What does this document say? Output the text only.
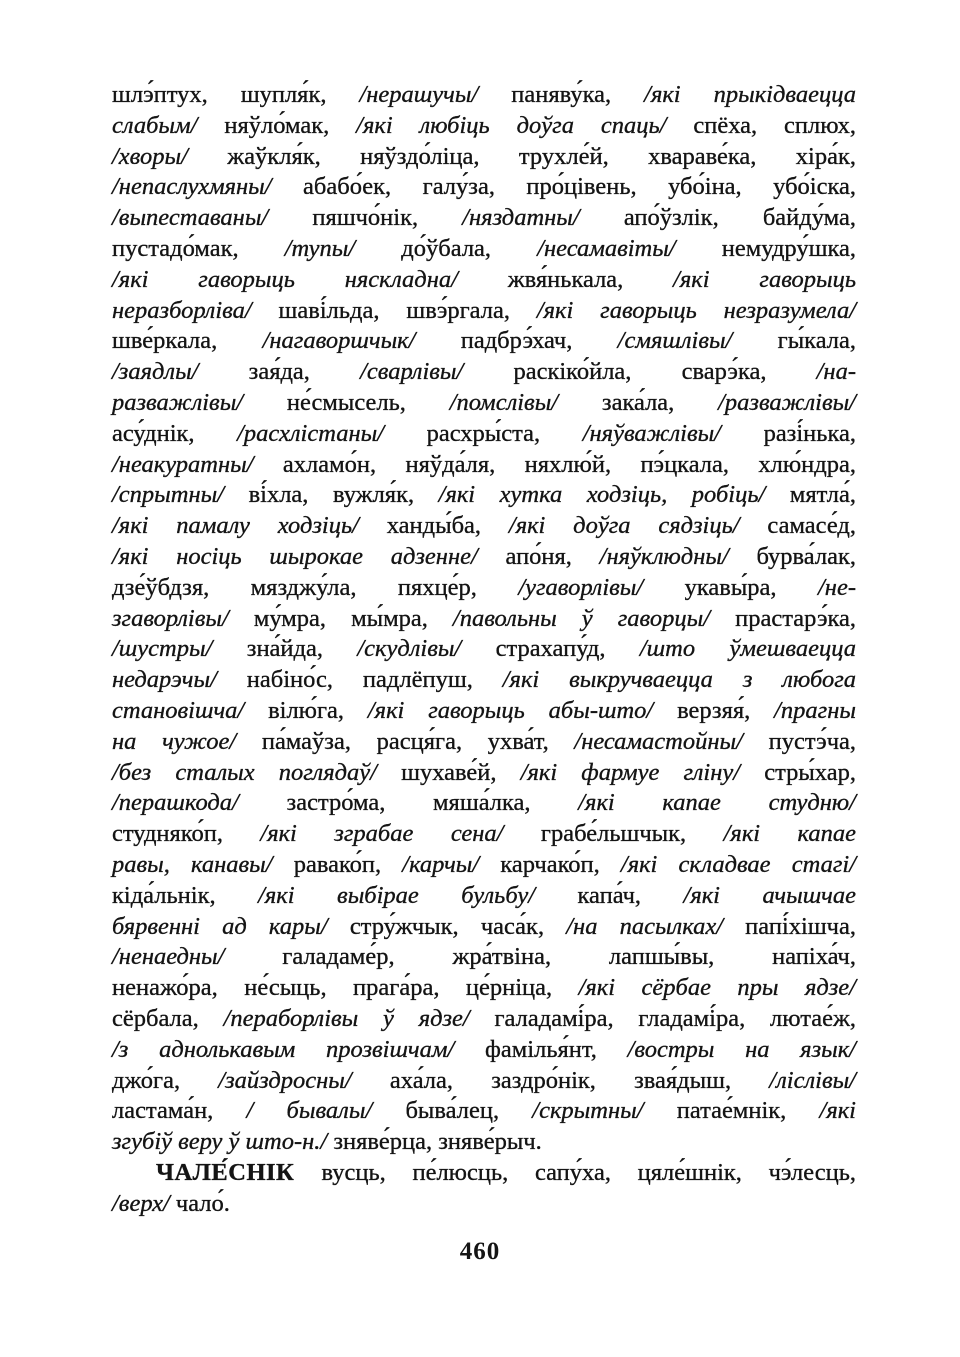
шлэ́птух, шупля́к, /нерашучы/ паняву́ка, /які прыкідваецца
слабым/ няўло́мак, /які любіць доўга спаць/ спёха, сплюх,
/хворы/ жаўкля́к, няўздо́ліца, трухле́й, хвараве́ка, хіра́к,
/непаслухмяны/ абабо́ек, галу́за, про́цівень, убо́іна, убо́іска,
/выпеставаны/ пяшчо́нік, /няздатны/ апо́ўзлік, байду́ма,
пустадо́мак, /тупы/ до́ўбала, /несамавіты/ немудру́шка,
/які гаворыць няскладна/ жвя́нькала, /які гаворыць
неразборліва/ шаві́льда, швэ́ргала, /які гаворыць незразумела/
шве́ркала, /нагаворшчык/ падбрэ́хач, /смяшлівы/ гы́кала,
/заядлы/ зая́да, /сварлівы/ раскіко́йла, сварэ́ка, /на-
разважлівы/ не́смысель, /помслівы/ зака́ла, /разважлівы/
асу́днік, /расхлістаны/ расхры́ста, /няўважлівы/ разі́нька,
/неакуратны/ ахламо́н, няўда́ля, няхлю́й, пэ́цкала, хлю́ндра,
/спрытны/ ві́хла, вужля́к, /які хутка ходзіць, робіць/ мятла́,
/які памалу ходзіць/ ханды́ба, /які доўга сядзіць/ самасе́д,
/які носіць шырокае адзенне/ апо́ня, /няўклюдны/ бурва́лак,
дзе́ўбдзя, мязджу́ла, пяхце́р, /угаворлівы/ укавы́ра, /не-
згаворлівы/ му́мра, мы́мра, /павольны ў гаворцы/ прастарэ́ка,
/шустры/ зна́йда, /скудлівы/ страхапу́д, /што ўмешваецца
недарэчы/ набіно́с, падлёпуш, /які выкручваецца з любога
становішча/ вілю́га, /які гаворыць абы-што/ верзяя́, /прагны
на чужое/ па́маўза, расця́га, ухва́т, /несамастойны/ пустэ́ча,
/без сталых поглядаў/ шухаве́й, /які фармуе гліну/ стры́хар,
/перашкода/ застро́ма, мяша́лка, /які капае студню/
студняко́п, /які зграбае сена/ грабе́льшчык, /які капае
равы, канавы/ равако́п, /карчы/ карчако́п, /які складвае стагі/
кіда́льнік, /які выбірае бульбу/ капа́ч, /які ачышчае
бярвенні ад кары/ стру́жчык, часа́к, /на пасылках/ папі́хішча,
/ненаедны/ галадаме́р, жра́твіна, лапшы́вы, напіха́ч,
ненажо́ра, не́сыць, прага́ра, це́рніца, /які сёрбае пры ядзе/
сёрбала, /пераборлівы ў ядзе/ галадамі́ра, гладамі́ра, лютае́ж,
/з аднолькавым прозвішчам/ фамілья́нт, /востры на язык/
джо́га, /зайздросны/ аха́ла, заздро́нік, звая́дыш, /ліслівы/
ластама́н, / бывалы/ быва́лец, /скрытны/ патае́мнік, /які
згубіў веру ў што-н./ зняве́рца, зняве́рыч.
ЧАЛЕ́СНІК вусць, пе́люсць, сапу́ха, цяле́шнік, чэ́лесць,
/верх/ чало́.
460
